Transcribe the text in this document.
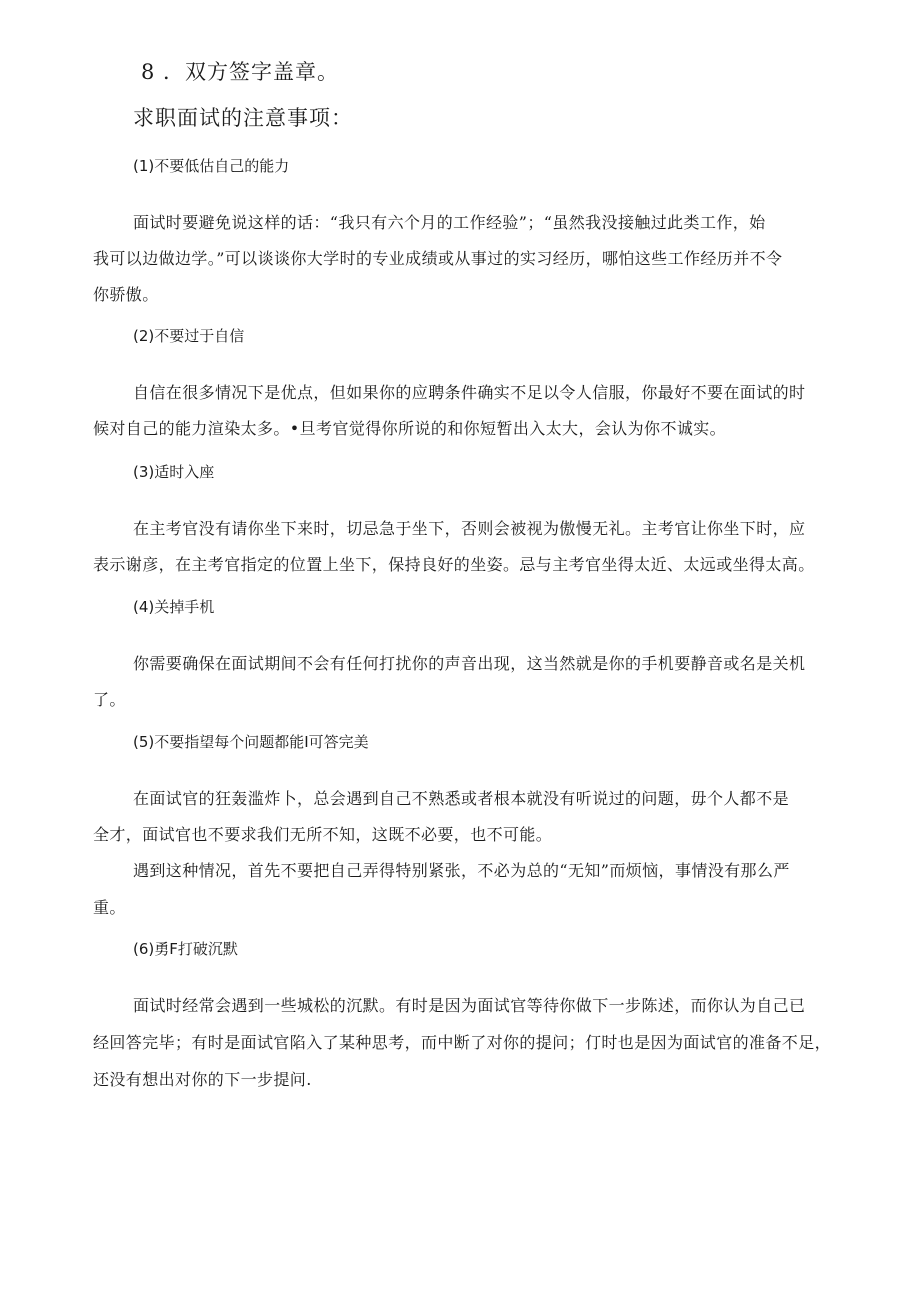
8 ．双方签字盖章。
求职面试的注意事项：
(1)不要低估自己的能力
面试时要避免说这样的话：“我只有六个月的工作经验”；“虽然我没接触过此类工作，始
我可以边做边学。”可以谈谈你大学时的专业成绩或从事过的实习经历，哪怕这些工作经历并不令
你骄傲。
(2)不要过于自信
自信在很多情况下是优点，但如果你的应聘条件确实不足以令人信服，你最好不要在面试的时
候对自己的能力渲染太多。•旦考官觉得你所说的和你短暂出入太大，会认为你不诚实。
(3)适时入座
在主考官没有请你坐下来时，切忌急于坐下，否则会被视为傲慢无礼。主考官让你坐下时，应
表示谢彦，在主考官指定的位置上坐下，保持良好的坐姿。忌与主考官坐得太近、太远或坐得太高。
(4)关掉手机
你需要确保在面试期间不会有任何打扰你的声音出现，这当然就是你的手机要静音或名是关机
了。
(5)不要指望每个问题都能I可答完美
在面试官的狂轰滥炸卜，总会遇到自己不熟悉或者根本就没有听说过的问题，毋个人都不是
全才，面试官也不要求我们无所不知，这既不必要，也不可能。
遇到这种情况，首先不要把自己弄得特别紧张，不必为总的“无知”而烦恼，事情没有那么严
重。
(6)勇F打破沉默
面试时经常会遇到一些城松的沉默。有时是因为面试官等待你做下一步陈述，而你认为自己已
经回答完毕；有时是面试官陷入了某种思考，而中断了对你的提问；仃时也是因为面试官的准备不足，
还没有想出对你的下一步提问.
